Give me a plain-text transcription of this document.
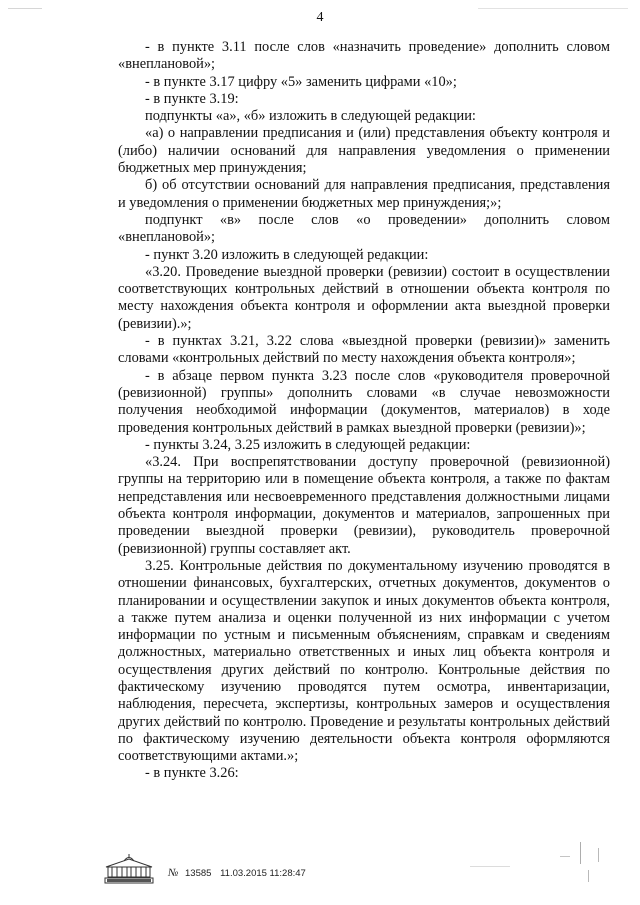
4

- в пункте 3.11 после слов «назначить проведение» дополнить словом «внеплановой»;

- в пункте 3.17 цифру «5» заменить цифрами «10»;

- в пункте 3.19:

подпункты «а», «б» изложить в следующей редакции:

«а) о направлении предписания и (или) представления объекту контроля и (либо) наличии оснований для направления уведомления о применении бюджетных мер принуждения;

б) об отсутствии оснований для направления предписания, представления и уведомления о применении бюджетных мер принуждения;»;

подпункт «в» после слов «о проведении» дополнить словом «внеплановой»;

- пункт 3.20 изложить в следующей редакции:

«3.20. Проведение выездной проверки (ревизии) состоит в осуществлении соответствующих контрольных действий в отношении объекта контроля по месту нахождения объекта контроля и оформлении акта выездной проверки (ревизии).»;

- в пунктах 3.21, 3.22 слова «выездной проверки (ревизии)» заменить словами «контрольных действий по месту нахождения объекта контроля»;

- в абзаце первом пункта 3.23 после слов «руководителя проверочной (ревизионной) группы» дополнить словами «в случае невозможности получения необходимой информации (документов, материалов) в ходе проведения контрольных действий в рамках выездной проверки (ревизии)»;

- пункты 3.24, 3.25 изложить в следующей редакции:

«3.24. При воспрепятствовании доступу проверочной (ревизионной) группы на территорию или в помещение объекта контроля, а также по фактам непредставления или несвоевременного представления должностными лицами объекта контроля информации, документов и материалов, запрошенных при проведении выездной проверки (ревизии), руководитель проверочной (ревизионной) группы составляет акт.

3.25. Контрольные действия по документальному изучению проводятся в отношении финансовых, бухгалтерских, отчетных документов, документов о планировании и осуществлении закупок и иных документов объекта контроля, а также путем анализа и оценки полученной из них информации с учетом информации по устным и письменным объяснениям, справкам и сведениям должностных, материально ответственных и иных лиц объекта контроля и осуществления других действий по контролю. Контрольные действия по фактическому изучению проводятся путем осмотра, инвентаризации, наблюдения, пересчета, экспертизы, контрольных замеров и осуществления других действий по контролю. Проведение и результаты контрольных действий по фактическому изучению деятельности объекта контроля оформляются соответствующими актами.»;

- в пункте 3.26:

№ 13585 11.03.2015 11:28:47
